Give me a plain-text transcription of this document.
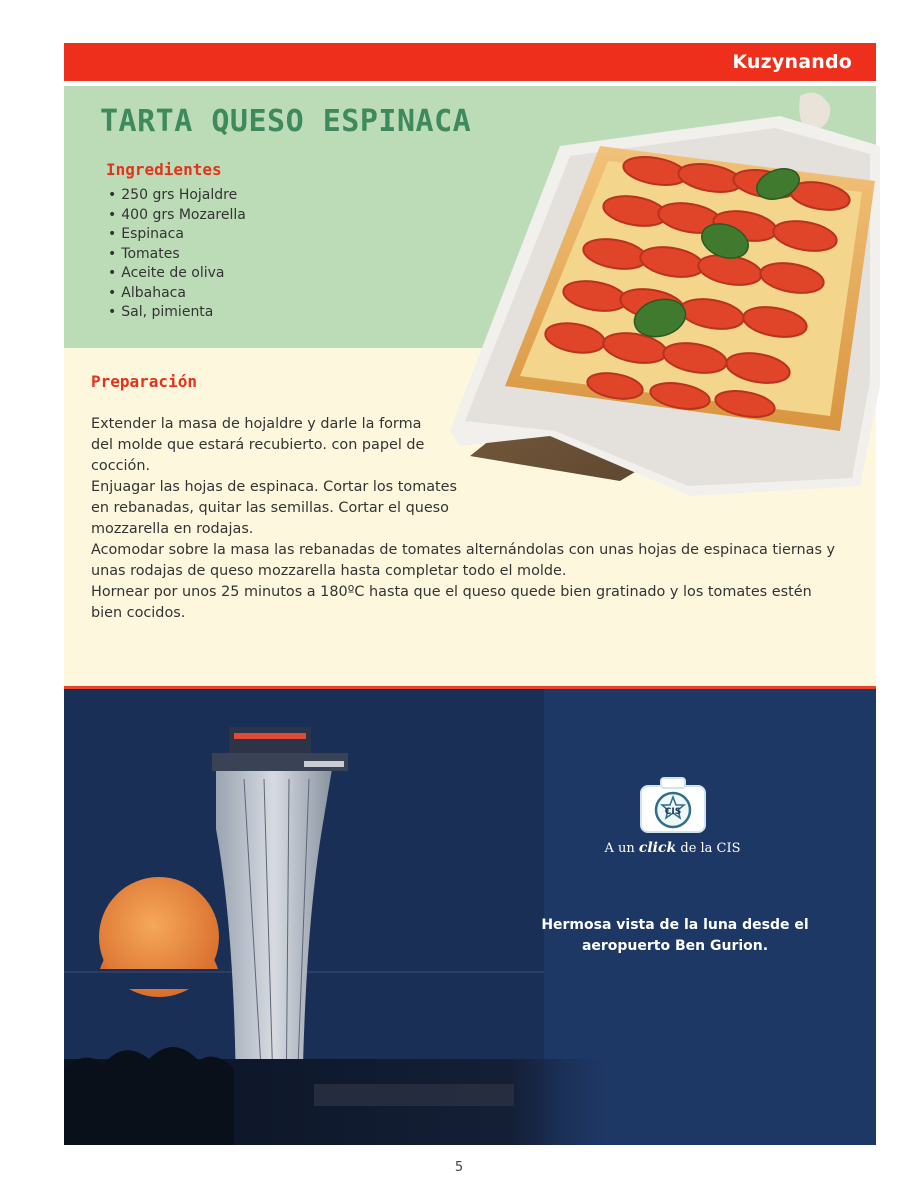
Kuzynando
TARTA QUESO ESPINACA
Ingredientes
• 250 grs Hojaldre
• 400 grs Mozarella
• Espinaca
• Tomates
• Aceite de oliva
• Albahaca
• Sal, pimienta
Preparación

Extender la masa de hojaldre y darle la forma
del molde que estará recubierto. con papel de
cocción.
Enjuagar las hojas de espinaca. Cortar los tomates
en rebanadas, quitar las semillas. Cortar el queso
mozzarella en rodajas.
Acomodar sobre la masa las rebanadas de tomates alternándolas con unas hojas de espinaca tiernas y
unas rodajas de queso mozzarella hasta completar todo el molde.
Hornear por unos 25 minutos a 180ºC hasta que el queso quede bien gratinado y los tomates estén
bien cocidos.

CIS
A un click de la CIS

Hermosa vista de la luna desde el aeropuerto Ben Gurion.

5
